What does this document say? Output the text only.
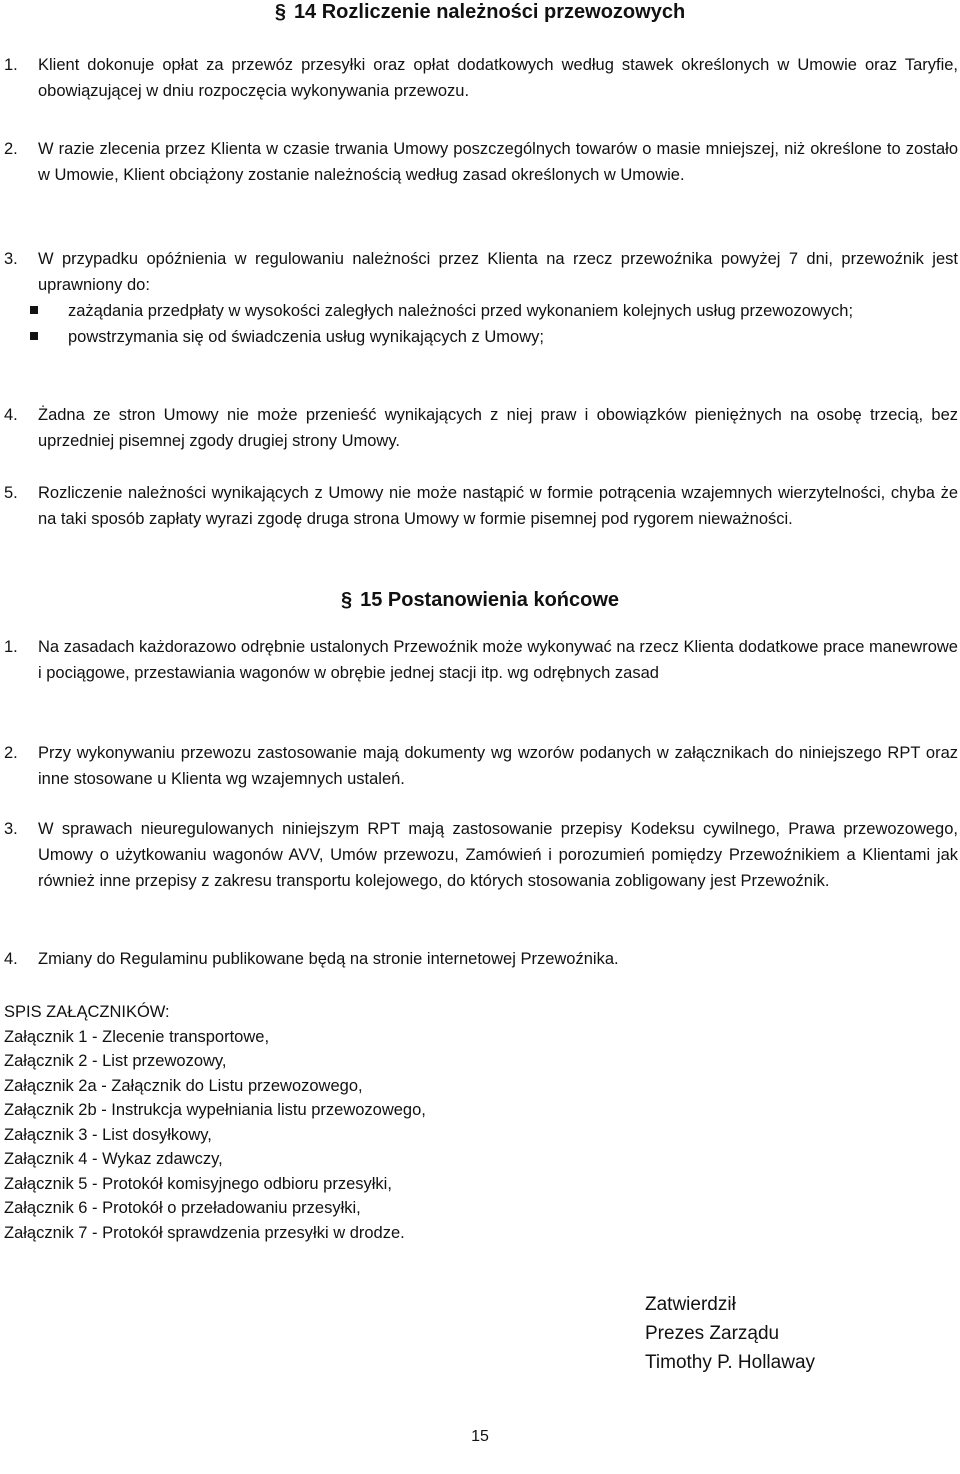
§ 14 Rozliczenie należności przewozowych
1.	Klient dokonuje opłat za przewóz przesyłki oraz opłat dodatkowych według stawek określonych w Umowie oraz Taryfie, obowiązującej w dniu rozpoczęcia wykonywania przewozu.
2.	W razie zlecenia przez Klienta w czasie trwania Umowy poszczególnych towarów o masie mniejszej, niż określone to zostało w Umowie, Klient obciążony zostanie należnością według zasad określonych w Umowie.
3.	W przypadku opóźnienia w regulowaniu należności przez Klienta na rzecz przewoźnika powyżej 7 dni, przewoźnik jest uprawniony do:
zażądania przedpłaty w wysokości zaległych należności przed wykonaniem kolejnych usług przewozowych;
powstrzymania się od świadczenia usług wynikających z Umowy;
4.	Żadna ze stron Umowy nie może przenieść wynikających z niej praw i obowiązków pieniężnych na osobę trzecią, bez uprzedniej pisemnej zgody drugiej strony Umowy.
5.	Rozliczenie należności wynikających z Umowy nie może nastąpić w formie potrącenia wzajemnych wierzytelności, chyba że na taki sposób zapłaty wyrazi zgodę druga strona Umowy w formie pisemnej pod rygorem nieważności.
§ 15 Postanowienia końcowe
1.	Na zasadach każdorazowo odrębnie ustalonych Przewoźnik może wykonywać na rzecz Klienta dodatkowe prace manewrowe i pociągowe, przestawiania wagonów w obrębie jednej stacji itp. wg odrębnych zasad
2.	Przy wykonywaniu przewozu zastosowanie mają dokumenty wg wzorów podanych w załącznikach do niniejszego RPT oraz inne stosowane u Klienta wg wzajemnych ustaleń.
3.	W sprawach nieuregulowanych niniejszym RPT mają zastosowanie przepisy Kodeksu cywilnego, Prawa przewozowego, Umowy o użytkowaniu wagonów AVV, Umów przewozu, Zamówień i porozumień pomiędzy Przewoźnikiem a Klientami jak również inne przepisy z zakresu transportu kolejowego, do których stosowania zobligowany jest Przewoźnik.
4.	Zmiany do Regulaminu publikowane będą na stronie internetowej Przewoźnika.
SPIS ZAŁĄCZNIKÓW:
Załącznik 1 - Zlecenie transportowe,
Załącznik 2 - List przewozowy,
Załącznik 2a - Załącznik do Listu przewozowego,
Załącznik 2b - Instrukcja wypełniania listu przewozowego,
Załącznik 3 - List dosyłkowy,
Załącznik 4 - Wykaz zdawczy,
Załącznik 5 - Protokół komisyjnego odbioru przesyłki,
Załącznik 6 - Protokół o przeładowaniu przesyłki,
Załącznik 7 - Protokół sprawdzenia przesyłki w drodze.
Zatwierdził
Prezes Zarządu
Timothy P. Hollaway
15
